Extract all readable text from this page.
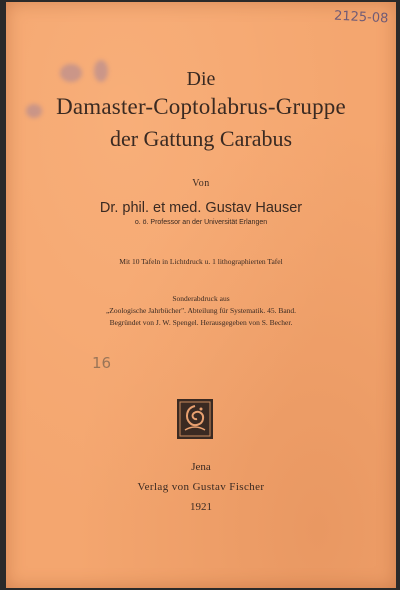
2125-08
Die
Damaster-Coptolabrus-Gruppe
der Gattung Carabus
Von
Dr. phil. et med. Gustav Hauser
o. ö. Professor an der Universität Erlangen
Mit 10 Tafeln in Lichtdruck u. 1 lithographierten Tafel
Sonderabdruck aus
„Zoologische Jahrbücher". Abteilung für Systematik. 45. Band.
Begründet von J. W. Spengel. Herausgegeben von S. Becher.
16
Jena
Verlag von Gustav Fischer
1921
